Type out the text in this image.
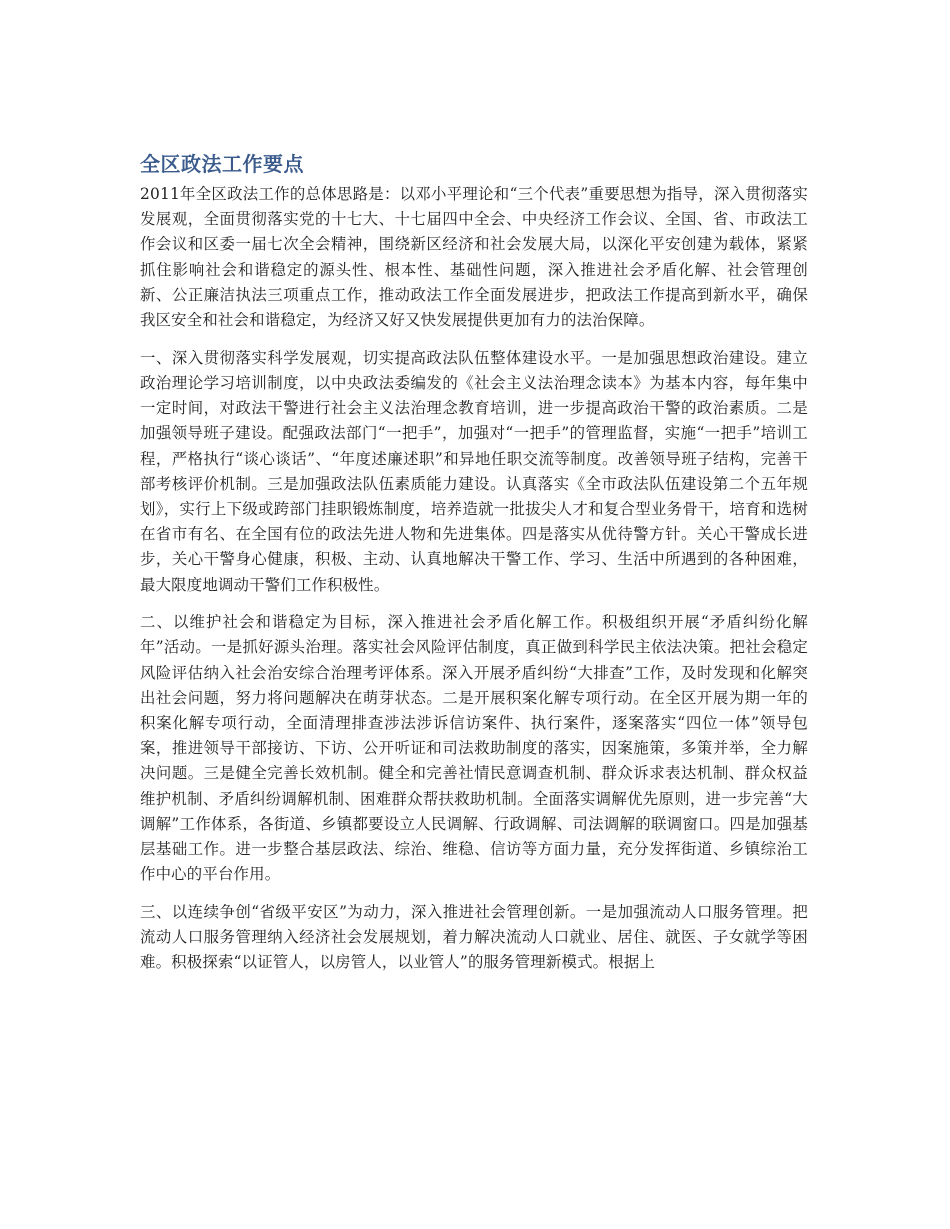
全区政法工作要点

2011年全区政法工作的总体思路是：以邓小平理论和“三个代表”重要思想为指导，深入贯彻落实发展观，全面贯彻落实党的十七大、十七届四中全会、中央经济工作会议、全国、省、市政法工作会议和区委一届七次全会精神，围绕新区经济和社会发展大局，以深化平安创建为载体，紧紧抓住影响社会和谐稳定的源头性、根本性、基础性问题，深入推进社会矛盾化解、社会管理创新、公正廉洁执法三项重点工作，推动政法工作全面发展进步，把政法工作提高到新水平，确保我区安全和社会和谐稳定，为经济又好又快发展提供更加有力的法治保障。

一、深入贯彻落实科学发展观，切实提高政法队伍整体建设水平。一是加强思想政治建设。建立政治理论学习培训制度，以中央政法委编发的《社会主义法治理念读本》为基本内容，每年集中一定时间，对政法干警进行社会主义法治理念教育培训，进一步提高政治干警的政治素质。二是加强领导班子建设。配强政法部门“一把手”，加强对“一把手”的管理监督，实施“一把手”培训工程，严格执行“谈心谈话”、“年度述廉述职”和异地任职交流等制度。改善领导班子结构，完善干部考核评价机制。三是加强政法队伍素质能力建设。认真落实《全市政法队伍建设第二个五年规划》，实行上下级或跨部门挂职锻炼制度，培养造就一批拔尖人才和复合型业务骨干，培育和选树在省市有名、在全国有位的政法先进人物和先进集体。四是落实从优待警方针。关心干警成长进步，关心干警身心健康，积极、主动、认真地解决干警工作、学习、生活中所遇到的各种困难，最大限度地调动干警们工作积极性。

二、以维护社会和谐稳定为目标，深入推进社会矛盾化解工作。积极组织开展“矛盾纠纷化解年”活动。一是抓好源头治理。落实社会风险评估制度，真正做到科学民主依法决策。把社会稳定风险评估纳入社会治安综合治理考评体系。深入开展矛盾纠纷“大排查”工作，及时发现和化解突出社会问题，努力将问题解决在萌芽状态。二是开展积案化解专项行动。在全区开展为期一年的积案化解专项行动，全面清理排查涉法涉诉信访案件、执行案件，逐案落实“四位一体”领导包案，推进领导干部接访、下访、公开听证和司法救助制度的落实，因案施策，多策并举，全力解决问题。三是健全完善长效机制。健全和完善社情民意调查机制、群众诉求表达机制、群众权益维护机制、矛盾纠纷调解机制、困难群众帮扶救助机制。全面落实调解优先原则，进一步完善“大调解”工作体系，各街道、乡镇都要设立人民调解、行政调解、司法调解的联调窗口。四是加强基层基础工作。进一步整合基层政法、综治、维稳、信访等方面力量，充分发挥街道、乡镇综治工作中心的平台作用。

三、以连续争创“省级平安区”为动力，深入推进社会管理创新。一是加强流动人口服务管理。把流动人口服务管理纳入经济社会发展规划，着力解决流动人口就业、居住、就医、子女就学等困难。积极探索“以证管人，以房管人，以业管人”的服务管理新模式。根据上
